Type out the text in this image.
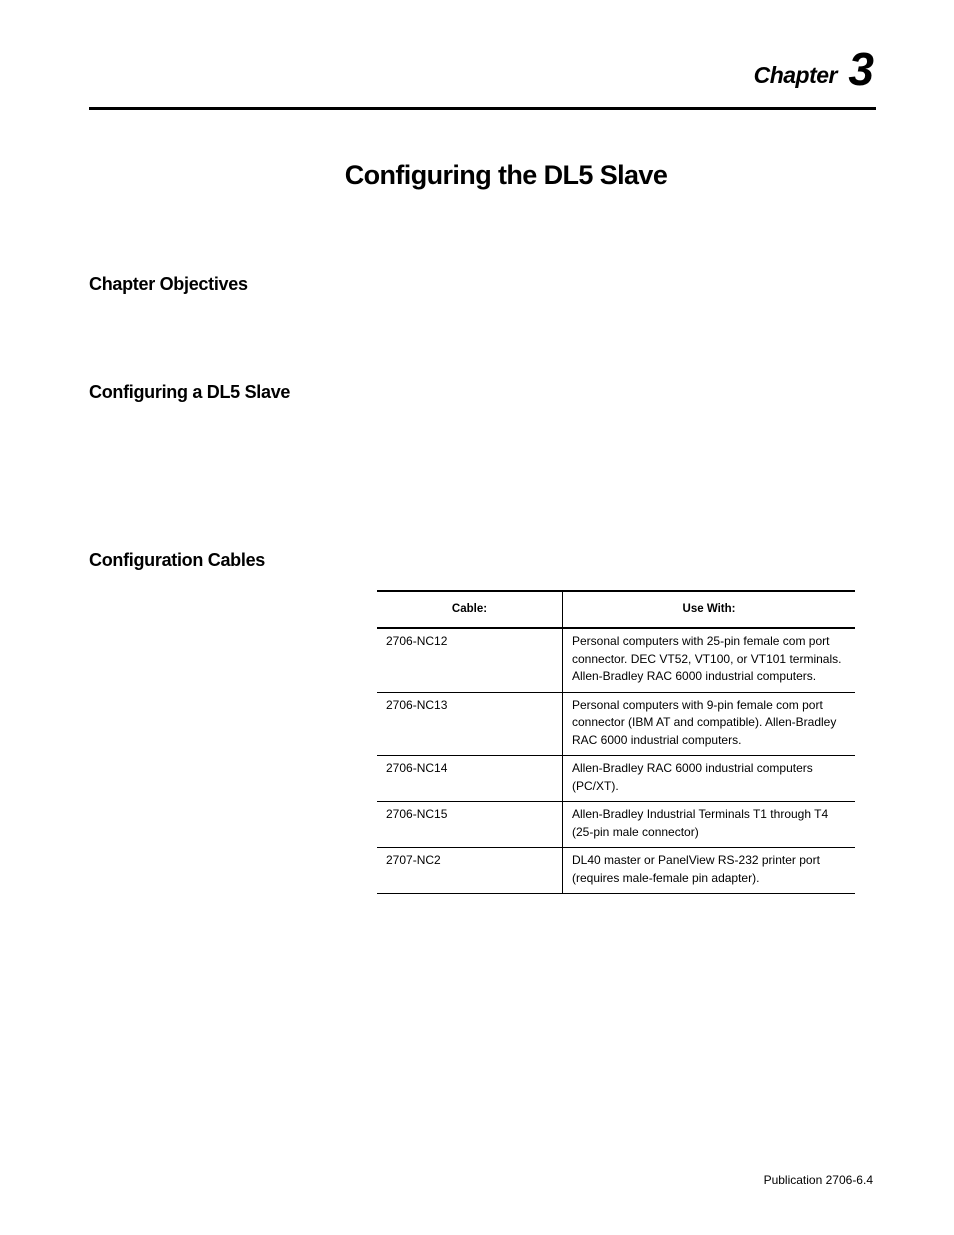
Chapter 3
Configuring the DL5 Slave
Chapter Objectives
Configuring a DL5 Slave
Configuration Cables
Cable:	Use With:
2706-NC12	Personal computers with 25-pin female com port connector. DEC VT52, VT100, or VT101 terminals. Allen-Bradley RAC 6000 industrial computers.
2706-NC13	Personal computers with 9-pin female com port connector (IBM AT and compatible). Allen-Bradley RAC 6000 industrial computers.
2706-NC14	Allen-Bradley RAC 6000 industrial computers (PC/XT).
2706-NC15	Allen-Bradley Industrial Terminals T1 through T4 (25-pin male connector)
2707-NC2	DL40 master or PanelView RS-232 printer port (requires male-female pin adapter).
Publication 2706-6.4
